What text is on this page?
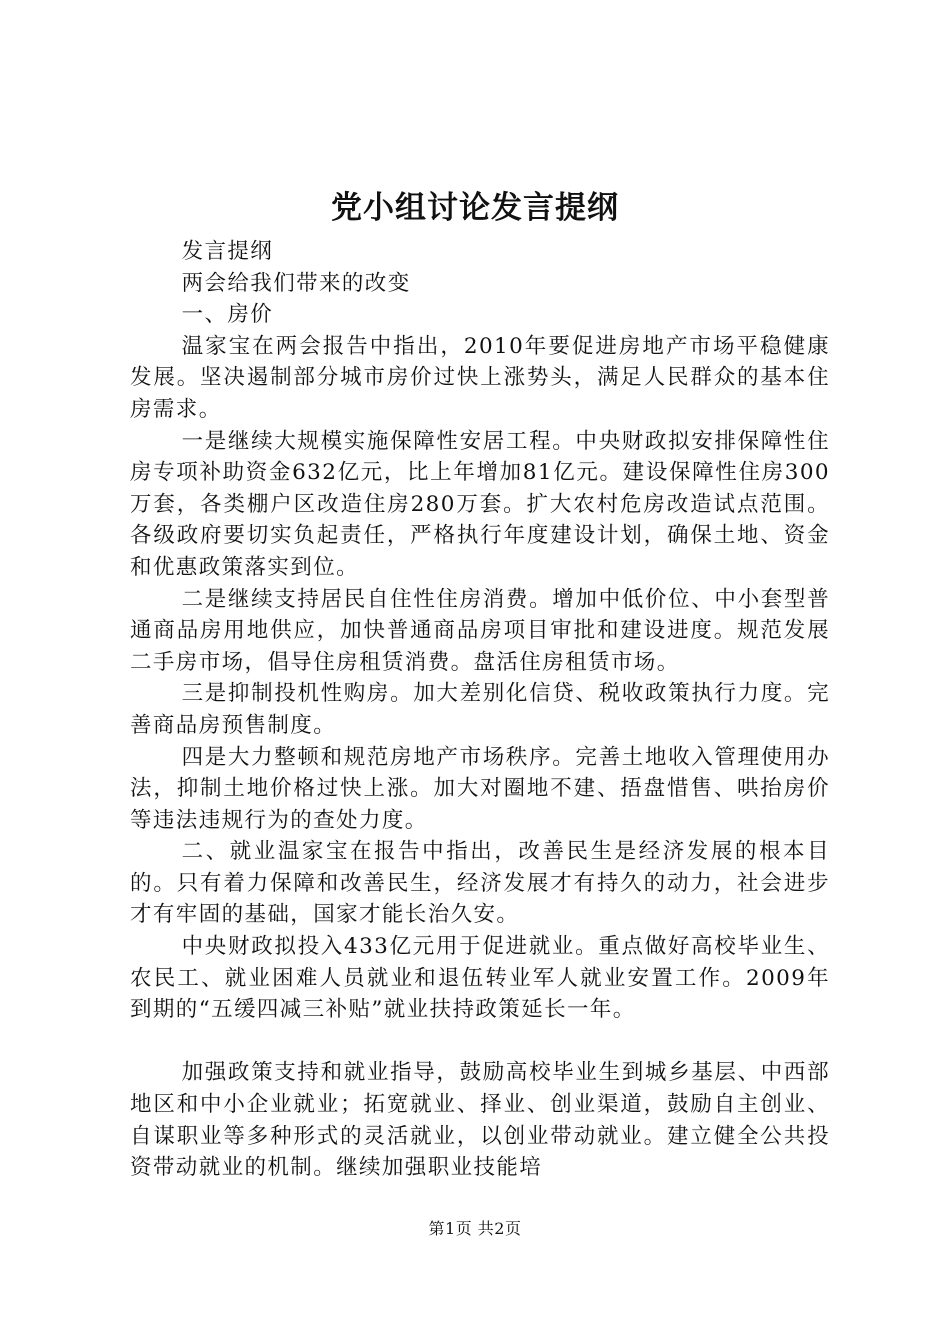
党小组讨论发言提纲

发言提纲

两会给我们带来的改变

一、房价

温家宝在两会报告中指出，2010年要促进房地产市场平稳健康发展。坚决遏制部分城市房价过快上涨势头，满足人民群众的基本住房需求。

一是继续大规模实施保障性安居工程。中央财政拟安排保障性住房专项补助资金632亿元，比上年增加81亿元。建设保障性住房300万套，各类棚户区改造住房280万套。扩大农村危房改造试点范围。各级政府要切实负起责任，严格执行年度建设计划，确保土地、资金和优惠政策落实到位。

二是继续支持居民自住性住房消费。增加中低价位、中小套型普通商品房用地供应，加快普通商品房项目审批和建设进度。规范发展二手房市场，倡导住房租赁消费。盘活住房租赁市场。

三是抑制投机性购房。加大差别化信贷、税收政策执行力度。完善商品房预售制度。

四是大力整顿和规范房地产市场秩序。完善土地收入管理使用办法，抑制土地价格过快上涨。加大对圈地不建、捂盘惜售、哄抬房价等违法违规行为的查处力度。

二、就业温家宝在报告中指出，改善民生是经济发展的根本目的。只有着力保障和改善民生，经济发展才有持久的动力，社会进步才有牢固的基础，国家才能长治久安。

中央财政拟投入433亿元用于促进就业。重点做好高校毕业生、农民工、就业困难人员就业和退伍转业军人就业安置工作。2009年到期的“五缓四减三补贴”就业扶持政策延长一年。

加强政策支持和就业指导，鼓励高校毕业生到城乡基层、中西部地区和中小企业就业；拓宽就业、择业、创业渠道，鼓励自主创业、自谋职业等多种形式的灵活就业，以创业带动就业。建立健全公共投资带动就业的机制。继续加强职业技能培

第1页 共2页
